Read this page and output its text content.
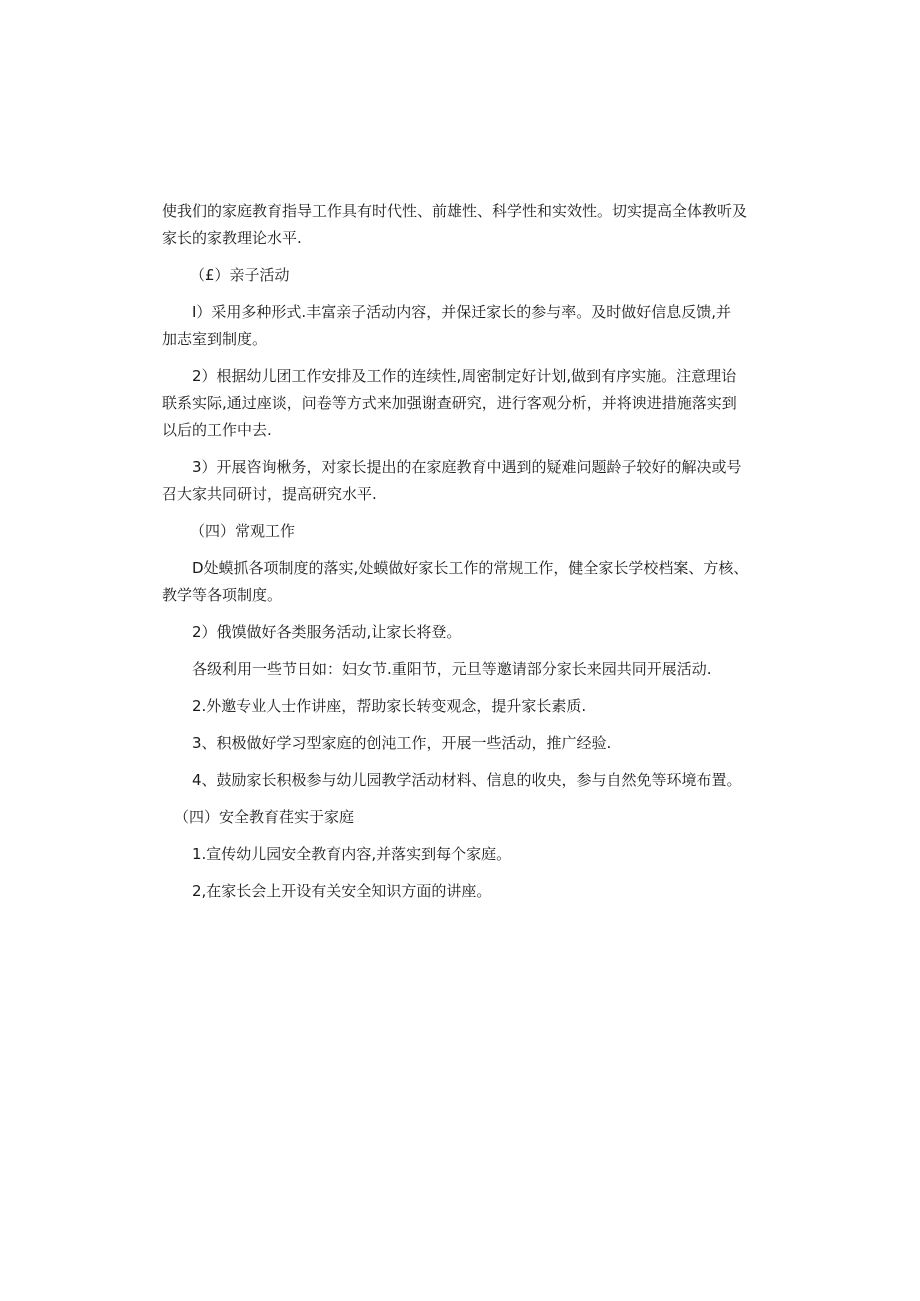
使我们的家庭教育指导工作具有时代性、前雄性、科学性和实效性。切实提高全体教听及
家长的家教理论水平.

（£）亲子活动

I）采用多种形式.丰富亲子活动内容，并保迁家长的参与率。及时做好信息反馈,并
加志室到制度。

2）根据幼儿团工作安排及工作的连续性,周密制定好计划,做到有序实施。注意理诒
联系实际,通过座谈，问卷等方式来加强谢查研究，进行客观分析，并将谀进措施落实到
以后的工作中去.

3）开展咨询楸务，对家长提出的在家庭教育中遇到的疑难问题龄子较好的解决或号
召大家共同研讨，提高研究水平.

（四）常观工作

D处蟆抓各项制度的落实,处蟆做好家长工作的常规工作，健全家长学校档案、方核、
教学等各项制度。

2）俄馍做好各类服务活动,让家长将登。

各级利用一些节日如：妇女节.重阳节，元旦等邀请部分家长来园共同开展活动.

2.外邀专业人士作讲座，帮助家长转变观念，提升家长素质.

3、积极做好学习型家庭的创沌工作，开展一些活动，推广经验.

4、鼓励家长积极参与幼儿园教学活动材料、信息的收央，参与自然免等环境布置。

（四）安全教育荏实于家庭

1.宣传幼儿园安全教育内容,并落实到每个家庭。

2,在家长会上开设有关安全知识方面的讲座。
